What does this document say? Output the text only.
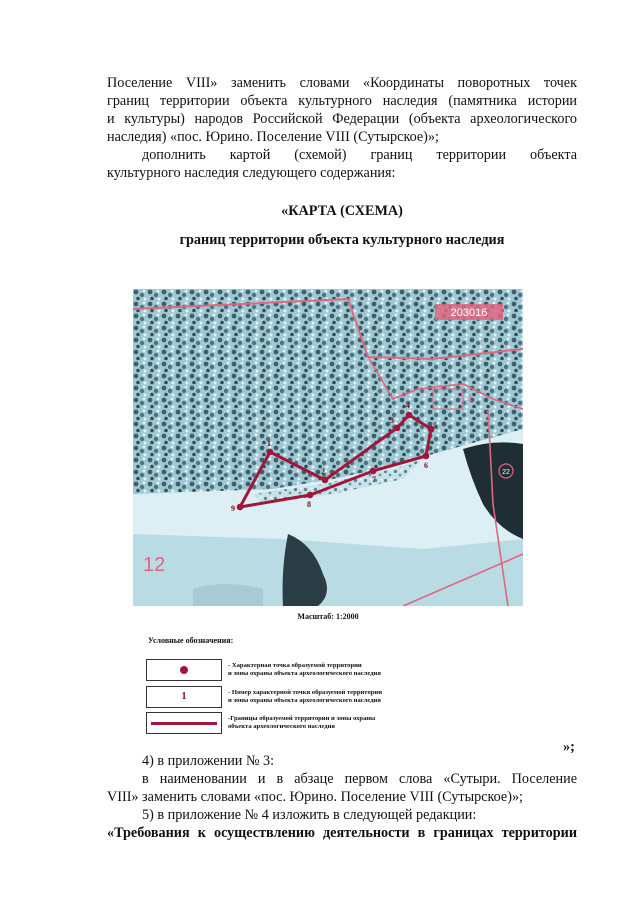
Поселение VIII» заменить словами «Координаты поворотных точек
границ территории объекта культурного наследия (памятника истории
и культуры) народов Российской Федерации (объекта археологического
наследия) «пос. Юрино. Поселение VIII (Сутырское)»;
дополнить картой (схемой) границ территории объекта
культурного наследия следующего содержания:
«КАРТА (СХЕМА)
границ территории объекта культурного наследия
203016
1
22
12
1
2
3
4
5
6
7
8
9
Масштаб: 1:2000
Условные обозначения:
- Характерная точка образуемой территории
и зоны охраны объекта археологического наследия
1	- Номер характерной точки образуемой территории
и зоны охраны объекта археологического наследия
-Границы образуемой территории и зоны охраны
объекта археологического наследия
»;
4) в приложении № 3:
в наименовании и в абзаце первом слова «Сутыри. Поселение
VIII» заменить словами «пос. Юрино. Поселение VIII (Сутырское)»;
5) в приложение № 4 изложить в следующей редакции:
«Требования к осуществлению деятельности в границах территории
